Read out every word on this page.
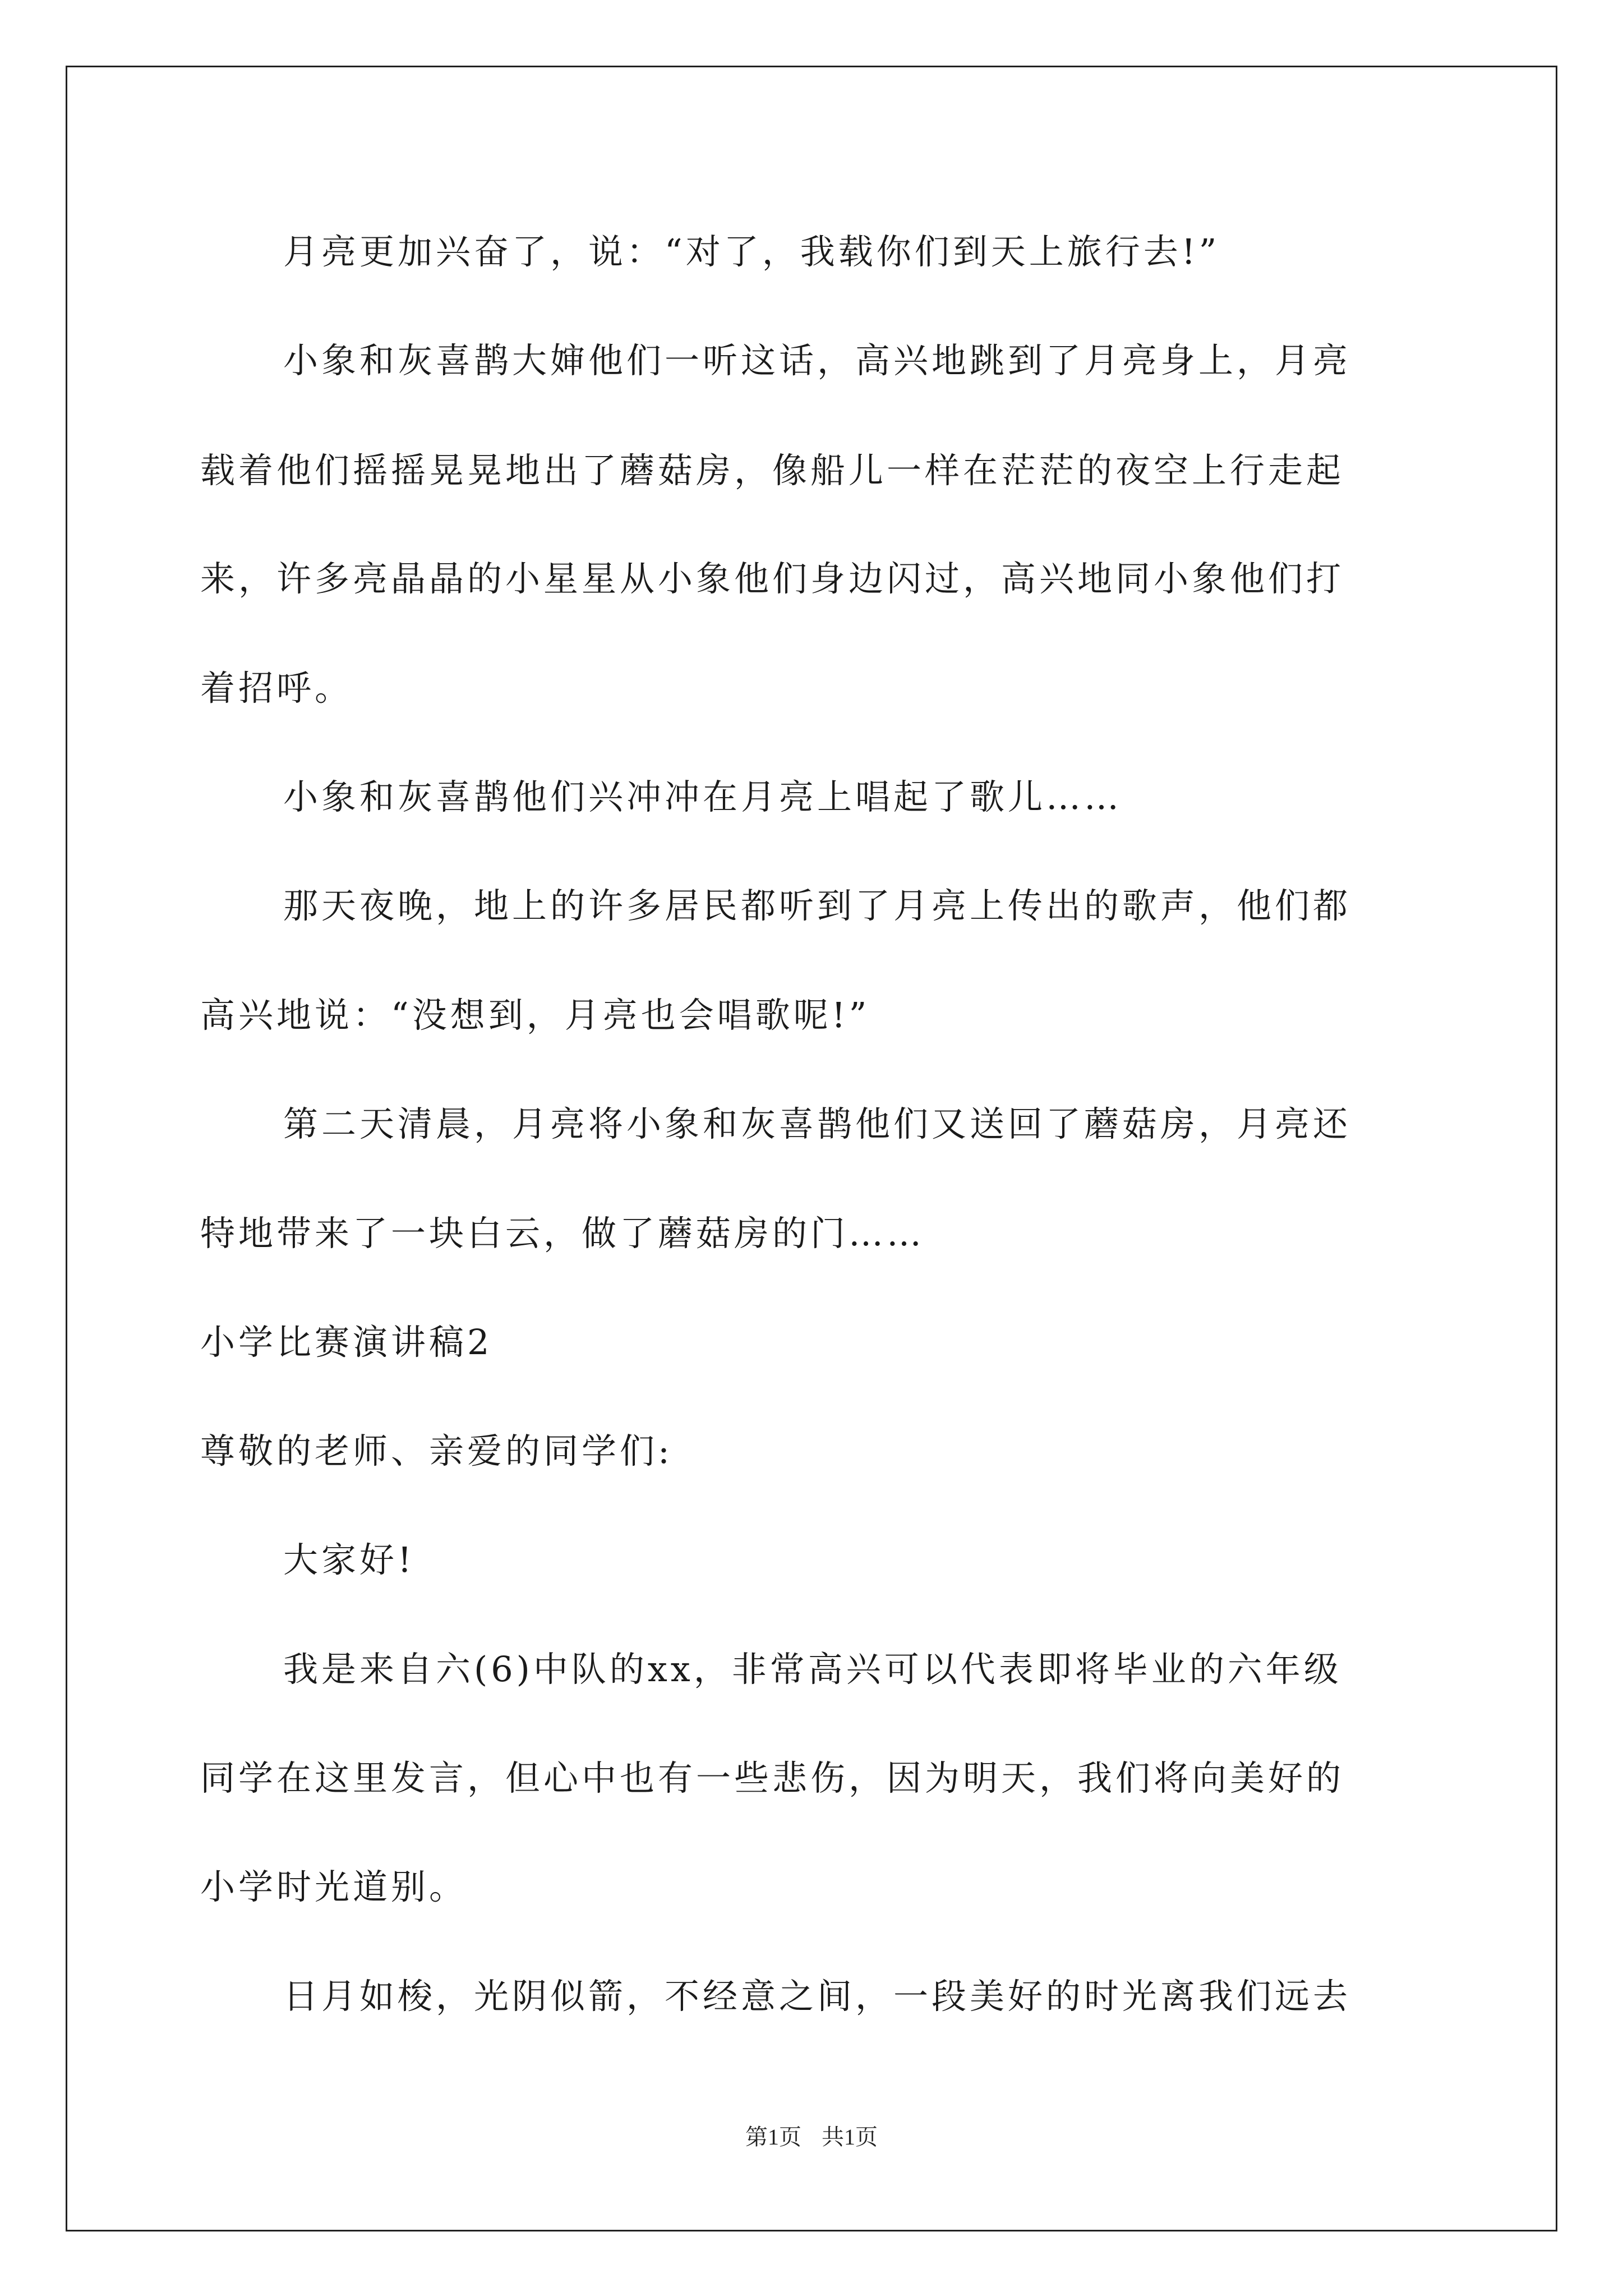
月亮更加兴奋了，说：“对了，我载你们到天上旅行去!”
小象和灰喜鹊大婶他们一听这话，高兴地跳到了月亮身上，月亮
载着他们摇摇晃晃地出了蘑菇房，像船儿一样在茫茫的夜空上行走起
来，许多亮晶晶的小星星从小象他们身边闪过，高兴地同小象他们打
着招呼。
小象和灰喜鹊他们兴冲冲在月亮上唱起了歌儿……
那天夜晚，地上的许多居民都听到了月亮上传出的歌声，他们都
高兴地说：“没想到，月亮也会唱歌呢!”
第二天清晨，月亮将小象和灰喜鹊他们又送回了蘑菇房，月亮还
特地带来了一块白云，做了蘑菇房的门……
小学比赛演讲稿2
尊敬的老师、亲爱的同学们:
大家好!
我是来自六(6)中队的xx，非常高兴可以代表即将毕业的六年级
同学在这里发言，但心中也有一些悲伤，因为明天，我们将向美好的
小学时光道别。
日月如梭，光阴似箭，不经意之间，一段美好的时光离我们远去
第1页 共1页
